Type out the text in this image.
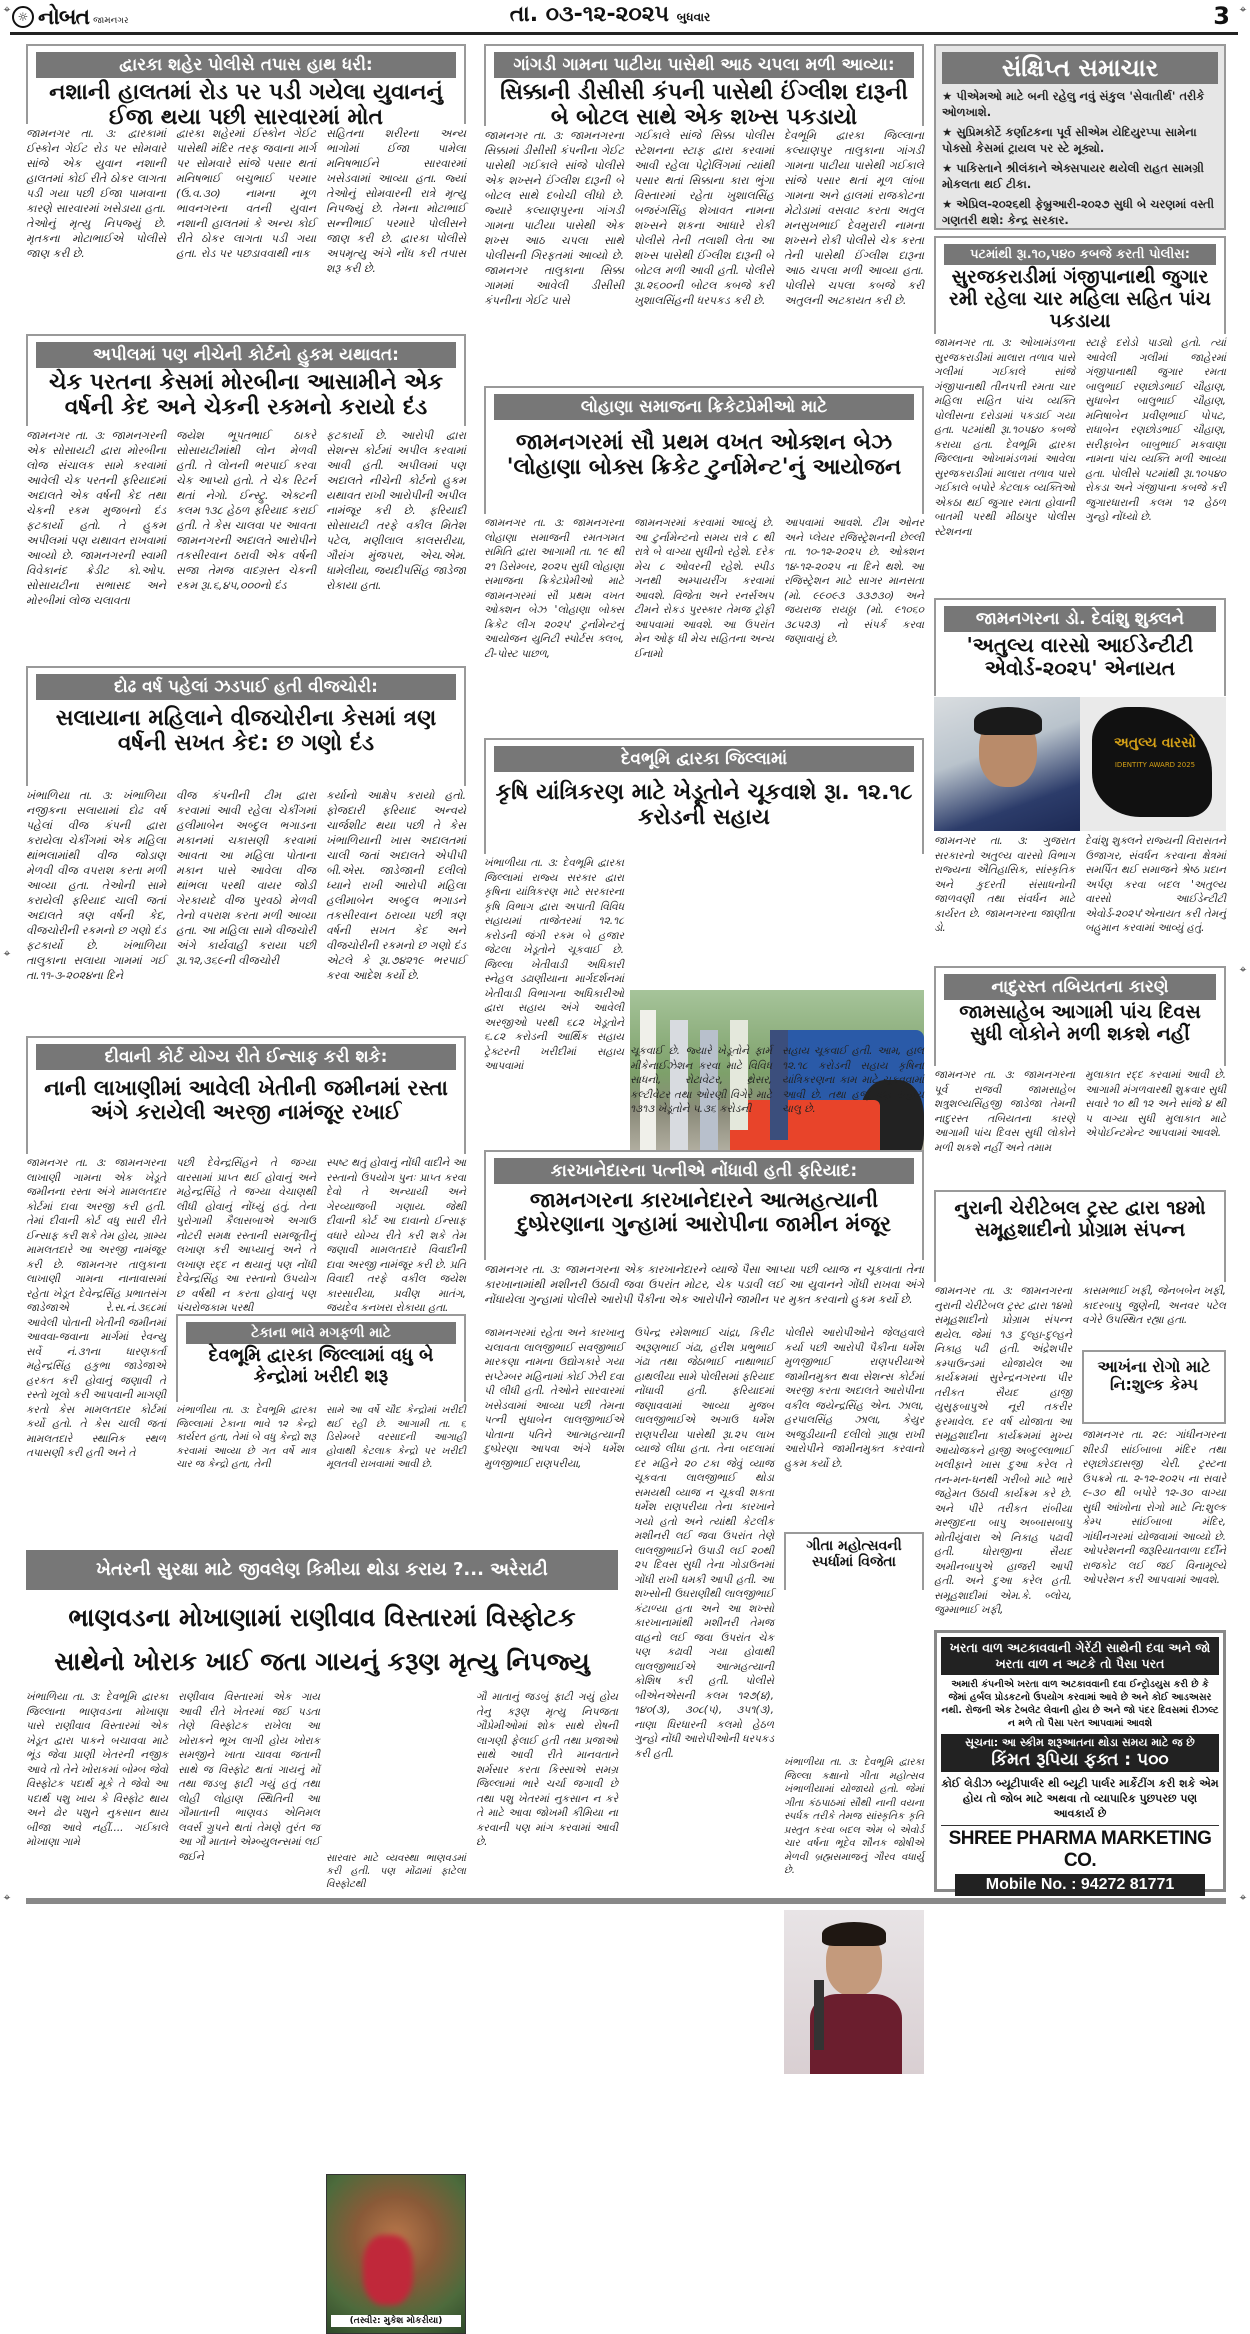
☼ નોબત જામનગર	તા. ૦૩-૧૨-૨૦૨૫ બુધવાર	3
⌖	⌖
દ્વારકા શહેર પોલીસે તપાસ હાથ ધરી:
નશાની હાલતમાં રોડ પર પડી ગયેલા યુવાનનું ઈજા થયા પછી સારવારમાં મોત

જામનગર તા. ૩: દ્વારકામાં ઈસ્કોન ગેઈટ રોડ પર સોમવારે સાંજે એક યુવાન નશાની હાલતમાં કોઈ રીતે ઠોકર લાગતા પડી ગયા પછી ઈજા પામવાના કારણે સારવારમાં ખસેડાયા હતા. તેઓનું મૃત્યુ નિપજ્યું છે. મૃતકના મોટાભાઈએ પોલીસે જાણ કરી છે.

દ્વારકા શહેરમાં ઈસ્કોન ગેઈટ પાસેથી મંદિર તરફ જવાના માર્ગ પર સોમવારે સાંજે પસાર થતાં મનિષભાઈ બચુભાઈ પરમાર (ઉ.વ.૩૦) નામના મૂળ ભાવનગરના વતની યુવાન નશાની હાલતમાં કે અન્ય કોઈ રીતે ઠોકર લાગતા પડી ગયા હતા. રોડ પર પછડાવવાથી નાક

સહિતના શરીરના અન્ય ભાગોમાં ઈજા પામેલા મનિષભાઈને સારવારમાં ખસેડવામાં આવ્યા હતા. જ્યાં તેઓનું સોમવારની રાત્રે મૃત્યુ નિપજ્યું છે. તેમના મોટાભાઈ સન્નીભાઈ પરમારે પોલીસને જાણ કરી છે. દ્વારકા પોલીસે અપમૃત્યુ અંગે નોંધ કરી તપાસ શરૂ કરી છે.

ગાંગડી ગામના પાટીયા પાસેથી આઠ ચપલા મળી આવ્યા:
સિક્કાની ડીસીસી કંપની પાસેથી ઈંગ્લીશ દારૂની બે બોટલ સાથે એક શખ્સ પકડાયો

જામનગર તા. ૩: જામનગરના સિક્કામાં ડીસીસી કંપનીના ગેઈટ પાસેથી ગઈકાલે સાંજે પોલીસે એક શખ્સને ઈંગ્લીશ દારૂની બે બોટલ સાથે દબોચી લીધો છે. જ્યારે કલ્યાણપુરના ગાંગડી ગામના પાટીયા પાસેથી એક શખ્સ આઠ ચપલા સાથે પોલીસની ગિરફતમાં આવ્યો છે. જામનગર તાલુકાના સિક્કા ગામમાં આવેલી ડીસીસી કંપનીના ગેઈટ પાસે

ગઈકાલે સાંજે સિક્કા પોલીસ સ્ટેશનના સ્ટાફ દ્વારા કરવામાં આવી રહેલા પેટ્રોલિંગમાં ત્યાંથી પસાર થતાં સિક્કાના કારા ભુંગા વિસ્તારમાં રહેતા ખુશાલસિંહ બજરંગસિંહ શેખાવત નામના શખ્સને શકના આધારે રોકી પોલીસે તેની તલાશી લેતા આ શખ્સ પાસેથી ઈંગ્લીશ દારૂની બે બોટલ મળી આવી હતી. પોલીસે રૂા.૨૬૦૦ની બોટલ કબજે કરી ખુશાલસિંહની ધરપકડ કરી છે.

દેવભૂમિ દ્વારકા જિલ્લાના કલ્યાણપુર તાલુકાના ગાંગડી ગામના પાટીયા પાસેથી ગઈકાલે સાંજે પસાર થતાં મૂળ લાંબા ગામના અને હાલમાં રાજકોટના મેટોડામાં વસવાટ કરતા અતુલ મનસુખભાઈ દેવમુરારી નામના શખ્સને રોકી પોલીસે ચેક કરતા તેની પાસેથી ઈંગ્લીશ દારૂના આઠ ચપલા મળી આવ્યા હતા. પોલીસે ચપલા કબજે કરી અતુલની અટકાયત કરી છે.

સંક્ષિપ્ત સમાચાર
★ પીએમઓ માટે બની રહેલુ નવું સંકુલ 'સેવાતીર્થ' તરીકે ઓળખાશે.
★ સુપ્રિમકોર્ટે કર્ણાટકના પૂર્વ સીએમ યેદિયુરપ્પા સામેના પોક્સો કેસમાં ટ્રાયલ પર સ્ટે મૂક્યો.
★ પાકિસ્તાને શ્રીલંકાને એક્સપાયર થયેલી રાહત સામગ્રી મોકલતા થઈ ટીકા.
★ એપ્રિલ-૨૦૨૬થી ફેબ્રુઆરી-૨૦૨૭ સુધી બે ચરણમાં વસ્તી ગણતરી થશે: કેન્દ્ર સરકાર.
પટમાંથી રૂા.૧૦,૫૪૦ કબજે કરતી પોલીસ:
સુરજકરાડીમાં ગંજીપાનાથી જુગાર રમી રહેલા ચાર મહિલા સહિત પાંચ પકડાયા

જામનગર તા. ૩: ઓખામંડળના સુરજકરાડીમાં માલારા તળાવ પાસે ગલીમાં ગઈકાલે સાંજે ગંજીપાનાથી તીનપત્તી રમતા ચાર મહિલા સહિત પાંચ વ્યક્તિ પોલીસના દરોડામાં પકડાઈ ગયા હતા. પટમાંથી રૂા.૧૦૫૪૦ કબજે કરાયા હતા. દેવભૂમિ દ્વારકા જિલ્લાના ઓખામંડળમાં આવેલા સુરજકરાડીમાં માલારા તળાવ પાસે ગઈકાલે બપોરે કેટલાક વ્યક્તિઓ એકઠા થઈ જુગાર રમતા હોવાની બાતમી પરથી મીઠાપુર પોલીસ સ્ટેશનના

સ્ટાફે દરોડો પાડ્યો હતો. ત્યાં આવેલી ગલીમાં જાહેરમાં ગંજીપાનાથી જુગાર રમતા બાલુભાઈ રણછોડભાઈ ચૌહાણ, સુધાબેન બાલુભાઈ ચૌહાણ, મનિષાબેન પ્રવીણભાઈ પોપટ, રાધાબેન રણછોડભાઈ ચૌહાણ, સરીફાબેન બાબુભાઈ મકવાણા નામના પાંચ વ્યક્તિ મળી આવ્યા હતા. પોલીસે પટમાંથી રૂા.૧૦૫૪૦ રોકડા અને ગંજીપાના કબજે કરી જુગારધારાની કલમ ૧૨ હેઠળ ગુન્હો નોંધ્યો છે.

અપીલમાં પણ નીચેની કોર્ટનો હુકમ યથાવત:
ચેક પરતના કેસમાં મોરબીના આસામીને એક વર્ષની કેદ અને ચેકની રકમનો કરાયો દંડ

જામનગર તા. ૩: જામનગરની એક સોસાયટી દ્વારા મોરબીના લોજ સંચાલક સામે કરવામાં આવેલી ચેક પરતની ફરિયાદમાં અદાલતે એક વર્ષની કેદ તથા ચેકની રકમ મુજબનો દંડ ફટકાર્યો હતો. તે હુકમ અપીલમાં પણ યથાવત રાખવામાં આવ્યો છે. જામનગરની સ્વામી વિવેકાનંદ ક્રેડીટ કો.ઓપ. સોસાયટીના સભાસદ અને મોરબીમાં લોજ ચલાવતા

જયેશ ભૂપતભાઈ ઠાકરે સોસાયટીમાંથી લોન મેળવી હતી. તે લોનની ભરપાઈ કરવા ચેક આપ્યો હતો. તે ચેક રિટર્ન થતાં નેગો. ઈન્સ્ટ્રુ. એક્ટની કલમ ૧૩૮ હેઠળ ફરિયાદ કરાઈ હતી. તે કેસ ચાલવા પર આવતા જામનગરની અદાલતે આરોપીને તકસીરવાન ઠરાવી એક વર્ષની સજા તેમજ વાદગ્રસ્ત ચેકની રકમ રૂા.૬,૪૫,૦૦૦નો દંડ

ફટકાર્યો છે. આરોપી દ્વારા સેશન્સ કોર્ટમાં અપીલ કરવામાં આવી હતી. અપીલમાં પણ અદાલતે નીચેની કોર્ટનો હુકમ યથાવત રાખી આરોપીની અપીલ નામંજૂર કરી છે. ફરિયાદી સોસાયટી તરફે વકીલ મિતેશ પટેલ, મણીલાલ કાલસરીયા, ગૌરાંગ મુંજપરા, એચ.એમ. ધામેલીયા, જયદીપસિંહ જાડેજા રોકાયા હતા.

લોહાણા સમાજના ક્રિકેટપ્રેમીઓ માટે
જામનગરમાં સૌ પ્રથમ વખત ઓક્શન બેઝ 'લોહાણા બોક્સ ક્રિકેટ ટુર્નામેન્ટ'નું આયોજન

જામનગર તા. ૩: જામનગરના લોહાણા સમાજની રમતગમત સમિતિ દ્વારા આગામી તા. ૧૯ થી ૨૧ ડિસેમ્બર, ૨૦૨૫ સુધી લોહાણા સમાજના ક્રિકેટપ્રેમીઓ માટે જામનગરમાં સૌ પ્રથમ વખત ઓક્શન બેઝ 'લોહાણા બોક્સ ક્રિકેટ લીગ ૨૦૨૫' ટુર્નામેન્ટનું આયોજન યુનિટી સ્પોર્ટસ ક્લબ, ટી-પોસ્ટ પાછળ,

જામનગરમાં કરવામાં આવ્યું છે. આ ટુર્નામેન્ટનો સમય રાત્રે ૮ થી રાત્રે બે વાગ્યા સુધીનો રહેશે. દરેક મેચ ૮ ઓવરની રહેશે. સ્પીડ ગનથી અમ્પાયરીંગ કરવામાં આવશે. વિજેતા અને રનર્સઅપ ટીમને રોકડ પુરસ્કાર તેમજ ટ્રોફી આપવામાં આવશે. આ ઉપરાંત મેન ઓફ ધી મેચ સહિતના અન્ય ઈનામો

આપવામાં આવશે. ટીમ ઓનર અને પ્લેયર રજિસ્ટ્રેશનની છેલ્લી તા. ૧૦-૧૨-૨૦૨૫ છે. ઓક્શન ૧૪-૧૨-૨૦૨૫ ના દિને થશે. આ રજિસ્ટ્રેશન માટે સાગર માનસતા (મો. ૯૯૦૯૩ ૩૩૭૩૦) અને જયરાજ રાયઠ્ઠા (મો. ૯૧૦૬૦ ૩૮૫૨૩) નો સંપર્ક કરવા જણાવાયું છે.

જામનગરના ડો. દેવાંશુ શુક્લને
'અતુલ્ય વારસો આઈડેન્ટીટી એવોર્ડ-૨૦૨૫' એનાયત
અતુલ્ય વારસો
IDENTITY AWARD 2025

જામનગર તા. ૩: ગુજરાત સરકારનો અતુલ્ય વારસો વિભાગ રાજ્યના ઐતિહાસિક, સાંસ્કૃતિક અને કુદરતી સંસાધનોની જાળવણી તથા સંવર્ધન માટે કાર્યરત છે. જામનગરના જાણીતા ડો.

દેવાંશુ શુક્લને રાજ્યની વિરાસતને ઉજાગર, સંવર્ધન કરવાના ક્ષેત્રમાં સમર્પિત થઈ સમાજને શ્રેષ્ઠ પ્રદાન અર્પણ કરવા બદલ 'અતુલ્ય વારસો આઈડેન્ટીટી એવોર્ડ-૨૦૨૫'એનાયત કરી તેમનું બહુમાન કરવામાં આવ્યું હતું.

દોઢ વર્ષ પહેલાં ઝડપાઈ હતી વીજચોરી:
સલાયાના મહિલાને વીજચોરીના કેસમાં ત્રણ વર્ષની સખત કેદ: છ ગણો દંડ

ખંભાળિયા તા. ૩: ખંભાળિયા નજીકના સલાયામાં દોઢ વર્ષ પહેલાં વીજ કંપની દ્વારા કરાયેલા ચેકીંગમાં એક મહિલા થાંભલામાંથી વીજ જોડાણ મેળવી વીજ વપરાશ કરતા મળી આવ્યા હતા. તેઓની સામે કરાયેલી ફરિયાદ ચાલી જતાં અદાલતે ત્રણ વર્ષની કેદ, વીજચોરીની રકમનો છ ગણો દંડ ફટકાર્યો છે. ખંભાળિયા તાલુકાના સલાયા ગામમાં ગઈ તા.૧૧-૩-૨૦૨૪ના દિને

વીજ કંપનીની ટીમ દ્વારા કરવામાં આવી રહેલા ચેકીંગમાં હલીમાબેન અબ્દુલ ભગાડના મકાનમાં ચકાસણી કરવામાં આવતા આ મહિલા પોતાના મકાન પાસે આવેલા વીજ થાંભલા પરથી વાયર જોડી ગેરકાયદે વીજ પુરવઠો મેળવી તેનો વપરાશ કરતા મળી આવ્યા હતા. આ મહિલા સામે વીજચોરી અંગે કાર્યવાહી કરાયા પછી રૂા.૧૨,૩૬૯ની વીજચોરી

કર્યાનો આક્ષેપ કરાયો હતો. ફોજદારી ફરિયાદ અન્વયે ચાર્જશીટ થયા પછી તે કેસ ખંભાળિયાની ખાસ અદાલતમાં ચાલી જતાં અદાલતે એપીપી બી.એસ. જાડેજાની દલીલો ધ્યાને રાખી આરોપી મહિલા હલીમાબેન અબ્દુલ ભગાડને તકસીરવાન ઠરાવ્યા પછી ત્રણ વર્ષની સખત કેદ અને વીજચોરીની રકમનો છ ગણો દંડ એટલે કે રૂા.૭૪૨૧૯ ભરપાઈ કરવા આદેશ કર્યો છે.

⌖
દેવભૂમિ દ્વારકા જિલ્લામાં
કૃષિ યાંત્રિકરણ માટે ખેડૂતોને ચૂકવાશે રૂા. ૧૨.૧૮ કરોડની સહાય

ખંભાળીયા તા. ૩: દેવભૂમિ દ્વારકા જિલ્લામાં રાજ્ય સરકાર દ્વારા કૃષિના યાંત્રિકરણ માટે સરકારના કૃષિ વિભાગ દ્વારા અપાતી વિવિધ સહાયમાં તાજેતરમાં ૧૨.૧૮ કરોડની જંગી રકમ બે હજાર જેટલા ખેડૂતોને ચૂકવાઈ છે. જિલ્લા ખેતીવાડી અધિકારી સ્નેહલ ડઢાણીયાના માર્ગદર્શનમાં ખેતીવાડી વિભાગના અધિકારીઓ દ્વારા સહાય અંગે આવેલી અરજીઓ પરથી ૬૮૨ ખેડૂતોને ૬.૮૨ કરોડની આર્થિક સહાય ટ્રેક્ટરની ખરીદીમાં સહાય આપવામાં

ચૂકવાઈ છે. જ્યારે ખેડૂતોને ફાર્મ મીકેનાઈઝેશન કરવા માટે વિવિધ સાધનો, રોટાવેટર, થ્રેસર, કલ્ટીવેટર તથા ઓરણી વિગેરે માટે ૧૩૧૩ ખેડૂતોને ૫.૩૬ કરોડની

સહાય ચૂકવાઈ હતી. આમ, હાલ ૧૨.૧૮ કરોડની સહાય કૃષિના યાંત્રિકરણના કામ માટે ચૂકવવામાં આવી છે. તથા હજૂ પણ સહાય ચાલુ છે.

નાદુરસ્ત તબિયતના કારણે
જામસાહેબ આગામી પાંચ દિવસ સુધી લોકોને મળી શકશે નહીં

જામનગર તા. ૩: જામનગરના પૂર્વ રાજવી જામસાહેબ શત્રુશલ્યસિંહજી જાડેજા તેમની નાદુરસ્ત તબિયતના કારણે આગામી પાંચ દિવસ સુધી લોકોને મળી શકશે નહીં અને તમામ

મુલાકાત રદ્દ કરવામાં આવી છે. આગામી મંગળવારથી શુક્રવાર સુધી સવારે ૧૦ થી ૧૨ અને સાંજે ૪ થી ૫ વાગ્યા સુધી મુલાકાત માટે એપોઈન્ટમેન્ટ આપવામાં આવશે.

નુરાની ચેરીટેબલ ટ્રસ્ટ દ્વારા ૧૪મો સમૂહશાદીનો પ્રોગ્રામ સંપન્ન

જામનગર તા. ૩: જામનગરના નુરાની ચેરીટેબલ ટ્રસ્ટ દ્વારા ૧૪મો સમૂહશાદીનો પ્રોગ્રામ સંપન્ન થયેલ. જેમાં ૧૩ દુલ્હા-દુલ્હને નિકાહ પઢી હતી. અંદ્રેશપીર કમ્પાઉન્ડમાં યોજાયેલ આ કાર્યક્રમમાં સુરેન્દ્રનગરના પીર તરીકત સૈયદ હાજી યુસુફબાપુએ નૂરી તકરીર ફરમાવેલ. દર વર્ષ યોજાતા આ સમૂહશાદીના કાર્યક્રમમાં મુખ્ય આયોજકને હાજી અબ્દુલ્લાભાઈ ખલીફાને ખાસ દુઆ કરેલ તે તન-મન-ધનથી ગરીબો માટે ભારે જહેમત ઉઠાવી કાર્યક્રમ કરે છે. અને પીરે તરીકત રાંબીયા મસ્જીદના બાપુ અબ્બાસબાપુ મોતીયુંવારા એ નિકાહ પઢાવી હતી. ધોરાજીના સૈયદ અમીનબાપુએ હાજરી આપી હતી. અને દુઆ કરેલ હતી. સમૂહશાદીમાં એમ.કે. બ્લોચ, જુમ્માભાઈ ખફી,

કાસમભાઈ ખફી, જેનબબેન ખફી, કાદરબાપુ જુણેની, અનવર પટેલ વગેરે ઉપસ્થિત રહ્યા હતા.

આખંના રોગો માટે નિ:શુલ્ક કેમ્પ

જામનગર તા. ૨૯: ગાંધીનગરના શીરડી સાંઈબાબા મંદિર તથા રણછોડદાસજી ચેરી. ટ્રસ્ટના ઉપક્રમે તા. ૨-૧૨-૨૦૨૫ ના સવારે ૯-૩૦ થી બપોરે ૧૨-૩૦ વાગ્યા સુધી આંખોના રોગો માટે નિ:શુલ્ક કેમ્પ સાંઈબાબા મંદિર, ગાંધીનગરમાં યોજવામાં આવ્યો છે. ઓપરેશનની જરૂરિયાતવાળા દર્દીને રાજકોટ લઈ જઈ વિનામૂલ્યે ઓપરેશન કરી આપવામાં આવશે.

ખરતા વાળ અટકાવવાની ગેરેંટી સાથેની દવા અને જો ખરતા વાળ ન અટકે તો પૈસા પરત
અમારી કંપનીએ ખરતા વાળ અટકાવવાની દવા ઈન્ટ્રોડયુસ કરી છે કે જેમાં હર્બલ પ્રોડકટનો ઉપયોગ કરવામાં આવે છે અને કોઈ આડઅસર નથી. રોજની એક ટેબલેટ લેવાની હોય છે અને જો પંદર દિવસમાં રીઝલ્ટ ન મળે તો પૈસા પરત આપવામાં આવશે
સૂચના: આ સ્કીમ શરૂઆતના થોડા સમય માટે જ છે
કિંમત રૂપિયા ફક્ત : ૫૦૦
કોઈ લેડીઝ બ્યૂટીપાર્લર થી બ્યૂટી પાર્લર માર્કેટીંગ કરી શકે એમ હોય તો જોબ માટે અથવા તો વ્યાપારિક પુછપરછ પણ આવકાર્ય છે
SHREE PHARMA MARKETING CO.
Mobile No. : 94272 81771
⌖
⌖
દીવાની કોર્ટ યોગ્ય રીતે ઈન્સાફ કરી શકે:
નાની લાખાણીમાં આવેલી ખેતીની જમીનમાં રસ્તા અંગે કરાયેલી અરજી નામંજૂર રખાઈ

જામનગર તા. ૩: જામનગરના લાખાણી ગામના એક ખેડૂતે જમીનના રસ્તા અંગે મામલતદાર કોર્ટમાં દાવા અરજી કરી હતી. તેમાં દીવાની કોર્ટ વધુ સારી રીતે ઈન્સાફ કરી શકે તેમ હોય, ગ્રામ્ય મામલતદારે આ અરજી નામંજૂર કરી છે. જામનગર તાલુકાના લાખાણી ગામના નાનાવાસમાં રહેતા ખેડૂત દેવેન્દ્રસિંહ પ્રભાતસંગ જાડેજાએ રે.સ.નં.૩૬૮માં આવેલી પોતાની ખેતીની જમીનમાં આવવા-જવાના માર્ગમાં રેવન્યુ સર્વે નં.૩૧ના ધારણકર્તા મહેન્દ્રસિંહ હકુભા જાડેજાએ હરકત કરી હોવાનું જણાવી તે રસ્તો ખૂલો કરી આપવાની માગણી કરતો કેસ મામલતદાર કોર્ટમાં કર્યો હતો. તે કેસ ચાલી જતાં મામલતદારે સ્થાનિક સ્થળ તપાસણી કરી હતી અને તે

પછી દેવેન્દ્રસિંહને તે જગ્યા વારસામાં પ્રાપ્ત થઈ હોવાનું અને મહેન્દ્રસિંહે તે જગ્યા વેચાણથી લીધી હોવાનું નોંધ્યું હતું. તેના પુરોગામી કૈલાસબાએ અગાઉ નોટરી સમક્ષ રસ્તાની સમજૂતીનું લખાણ કરી આપ્યાનું અને તે લખાણ રદ્દ ન થયાનું પણ નોંધી દેવેન્દ્રસિંહ આ રસ્તાનો ઉપયોગ છ વર્ષથી ન કરતા હોવાનું પણ પંચરોજકામ પરથી

સ્પષ્ટ થતું હોવાનું નોંધી વાદીને આ રસ્તાનો ઉપયોગ પુનઃ પ્રાપ્ત કરવા દેવો તે અન્યાયી અને ગેરવ્યાજબી ગણાય. જેથી દીવાની કોર્ટ આ દાવાનો ઈન્સાફ વધારે યોગ્ય રીતે કરી શકે તેમ જણાવી મામલતદારે વિવાદીની દાવા અરજી નામંજૂર કરી છે. પ્રતિ વિવાદી તરફે વકીલ જયેશ કારસારીયા, પ્રવીણ માતંગ, જયદેવ કનખરા રોકાયા હતા.

ટેકાના ભાવે મગફળી માટે
દેવભૂમિ દ્વારકા જિલ્લામાં વધુ બે કેન્દ્રોમાં ખરીદી શરૂ

ખંભાળીયા તા. ૩: દેવભૂમિ દ્વારકા જિલ્લામાં ટેકાના ભાવે ૧૨ કેન્દ્રો કાર્યરત હતા, તેમાં બે વધુ કેન્દ્રો શરૂ કરવામાં આવ્યા છે ગત વર્ષે માત્ર ચાર જ કેન્દ્રો હતા, તેની

સામે આ વર્ષે ચૌદ કેન્દ્રોમાં ખરીદી થઈ રહી છે. આગામી તા. ૬ ડિસેમ્બરે વરસાદની આગાહી હોવાથી કેટલાક કેન્દ્રો પર ખરીદી મૂલતવી રાખવામાં આવી છે.

કારખાનેદારના પત્નીએ નોંધાવી હતી ફરિયાદ:
જામનગરના કારખાનેદારને આત્મહત્યાની દુષ્પ્રેરણાના ગુન્હામાં આરોપીના જામીન મંજૂર
જામનગર તા. ૩: જામનગરના એક કારખાનેદારને વ્યાજે પૈસા આપ્યા પછી વ્યાજ ન ચૂકવાતા તેના કારખાનામાંથી મશીનરી ઉઠાવી જવા ઉપરાંત મોટર, ચેક પડાવી લઈ આ યુવાનને ગોંધી રાખવા અંગે નોંધાયેલા ગુન્હામાં પોલીસે આરોપી પૈકીના એક આરોપીને જામીન પર મુક્ત કરવાનો હુકમ કર્યો છે.

જામનગરમાં રહેતા અને કારખાનુ ચલાવતા લાલજીભાઈ સવજીભાઈ મારકણા નામના ઉદ્યોગકારે ગયા સપ્ટેમ્બર મહિનામાં કોઈ ઝેરી દવા પી લીધી હતી. તેઓને સારવારમાં ખસેડવામાં આવ્યા પછી તેમના પત્ની સુધાબેન લાલજીભાઈએ પોતાના પતિને આત્મહત્યાની દુષ્પ્રેરણા આપવા અંગે ધર્મેશ મુળજીભાઈ રાણપરીયા,

ઉપેન્દ્ર રમેશભાઈ ચાંદ્રા, કિરીટ અરૂણભાઈ ગંઢા, હરીશ પ્રભુભાઈ ગંઢા તથા જેઠાભાઈ નાથાભાઈ હાથલીયા સામે પોલીસમાં ફરિયાદ નોંધાવી હતી. ફરિયાદમાં જણાવવામાં આવ્યા મુજબ લાલજીભાઈએ અગાઉ ધર્મેશ રાણપરીયા પાસેથી રૂા.૨૫ લાખ વ્યાજે લીધા હતા. તેના બદલામાં દર મહિને ૨૦ ટકા જેવું વ્યાજ ચૂકવતા લાલજીભાઈ થોડા સમયથી વ્યાજ ન ચૂકવી શકતા ધર્મેશ રાણપરીયા તેના કારખાને ગયો હતો અને ત્યાંથી કેટલીક મશીનરી લઈ જવા ઉપરાંત તેણે લાલજીભાઈને ઉપાડી લઈ ૨૦થી ૨૫ દિવસ સુધી તેના ગોડાઉનમાં ગોંધી રાખી ધમકી આપી હતી. આ શખ્સોની ઉઘરાણીથી લાલજીભાઈ કંટાળ્યા હતા અને આ શખ્સો કારખાનામાંથી મશીનરી તેમજ વાહનો લઈ જવા ઉપરાંત ચેક પણ કઢાવી ગયા હોવાથી લાલજીભાઈએ આત્મહત્યાની કોશિષ કરી હતી. પોલીસે બીએનએસની કલમ ૧૨૭(૪), ૧૪૦(૩), ૩૦૮(૫), ૩૫૧(૩), નાણા ધિરધારની કલમો હેઠળ ગુન્હો નોંધી આરોપીઓની ધરપકડ કરી હતી.

પોલીસે આરોપીઓને જેલહવાલે કર્યા પછી આરોપી પૈકીના ધર્મેશ મુળજીભાઈ રાણપરીયાએ જામીનમુક્ત થવા સેશન્સ કોર્ટમાં અરજી કરતા અદાલતે આરોપીના વકીલ જયેન્દ્રસિંહ એન. ઝાલા, હરપાલસિંહ ઝાલા, કેયુર અજુડીયાની દલીલો ગ્રાહ્ય રાખી આરોપીને જામીનમુક્ત કરવાનો હુકમ કર્યો છે.

ગીતા મહોત્સવની સ્પર્ધામાં વિજેતા

ખંભાળીયા તા. ૩: દેવભૂમિ દ્વારકા જિલ્લા કક્ષાનો ગીતા મહોત્સવ ખંભાળીયામાં યોજાયો હતો. જેમાં ગીતા કંઠપાઠમાં સૌથી નાની વયના સ્પર્ધક તરીકે તેમજ સાંસ્કૃતિક કૃતિ પ્રસ્તુત કરવા બદલ એમ બે એવોર્ડ ચાર વર્ષના ભૂદેવ શૌનક જોષીએ મેળવી બ્રહ્મસમાજનું ગૌરવ વધાર્યુ છે.

ખેતરની સુરક્ષા માટે જીવલેણ કિમીયા થોડા કરાય ?... અરેરાટી
ભાણવડના મોખાણામાં રાણીવાવ વિસ્તારમાં વિસ્ફોટક સાથેનો ખોરાક ખાઈ જતા ગાયનું કરૂણ મૃત્યુ નિપજ્યુ

ખંભાળિયા તા. ૩: દેવભૂમિ દ્વારકા જિલ્લાના ભાણવડના મોખાણા પાસે રાણીવાવ વિસ્તારમાં એક ખેડૂત દ્વારા પાકને બચાવવા માટે ભૂંડ જેવા પ્રાણી ખેતરની નજીક આવે તો તેને ખોરાકમાં બોમ્બ જેવો વિસ્ફોટક પદાર્થ મૂકે તે જેવો આ પદાર્થ પશુ ખાય કે વિસ્ફોટ થાય અને ઢોર પશુને નુકસાન થાય બીજા આવે નહીં.... ગઈકાલે મોખાણા ગામે

રાણીવાવ વિસ્તારમાં એક ગાય આવી રીતે ખેતરમાં જઈ પડતા તેણે વિસ્ફોટક રાખેલા આ ખોરાકને ભૂખ લાગી હોય ખોરાક સમજીને ખાતા ચાવવા જતાની સાથે જ વિસ્ફોટ થતાં ગાયનું મોં તથા જડબુ ફાટી ગયું હતું તથા લોહી લોહાણ સ્થિતિની આ ગૌમાતાની ભાણવડ એનિમલ લવર્સ ગ્રુપને થતાં તેમણે તુરંત જ આ ગૌ માતાને એમ્બ્યુલન્સમાં લઈ જઈને

(તસ્વીર: મુકેશ મોકરીયા)

સારવાર માટે વ્યવસ્થા ભાણવડમાં કરી હતી. પણ મોંઢામાં ફાટેલા વિસ્ફોટથી

ગૌ માતાનું જડબું ફાટી ગયું હોય તેનુ કરૂણ મૃત્યુ નિપજતા ગૌપ્રેમીઓમાં શોક સાથે રોષની લાગણી ફેલાઈ હતી તથા પ્રજાઓ સાથે આવી રીતે માનવતાને શર્મસાર કરતા કિસ્સાએ સમગ્ર જિલ્લામાં ભારે ચર્ચા જગાવી છે તથા પશુ ખેતરમાં નુકસાન ન કરે તે માટે આવા જોખમી કીમિયા ના કરવાની પણ માંગ કરવામાં આવી છે.

⌖
